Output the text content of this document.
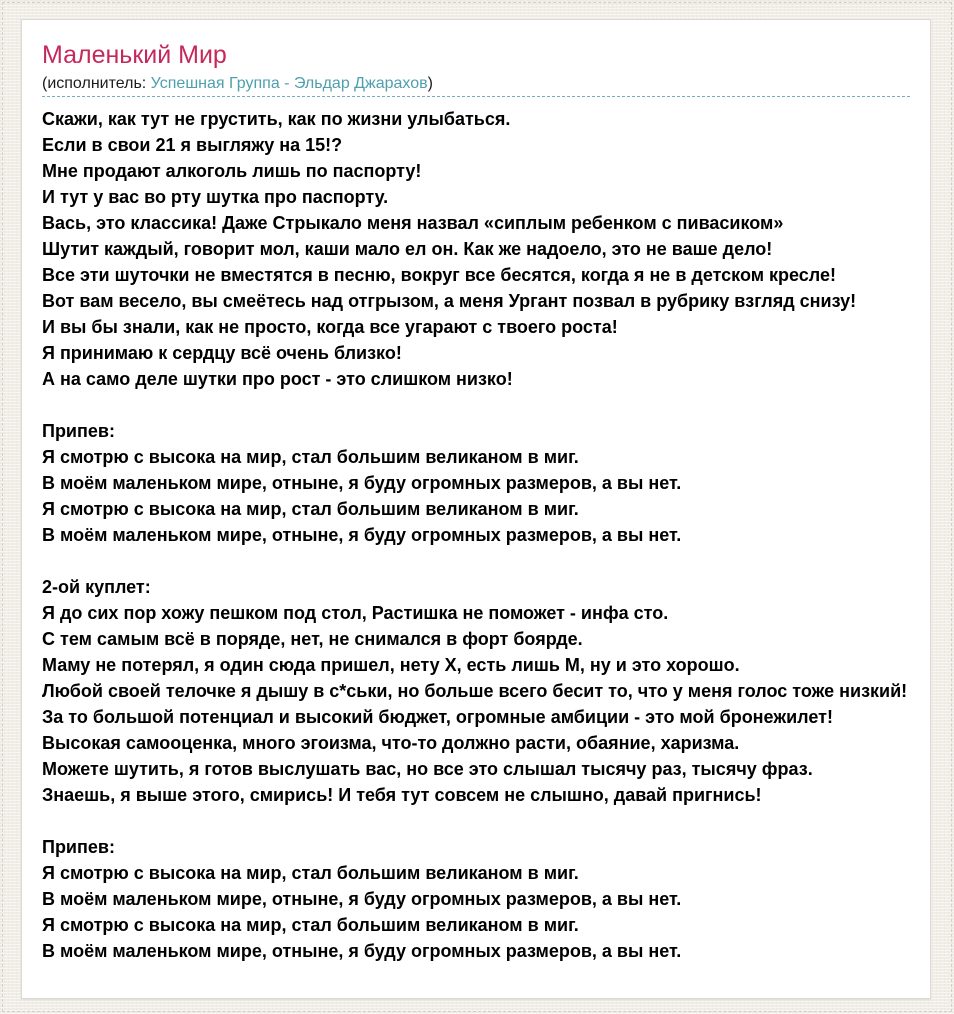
Маленький Мир
(исполнитель: Успешная Группа - Эльдар Джарахов)
Скажи, как тут не грустить, как по жизни улыбаться.
Если в свои 21 я выгляжу на 15!?
Мне продают алкоголь лишь по паспорту!
И тут у вас во рту шутка про паспорту.
Вась, это классика! Даже Стрыкало меня назвал «сиплым ребенком с пивасиком»
Шутит каждый, говорит мол, каши мало ел он. Как же надоело, это не ваше дело!
Все эти шуточки не вместятся в песню, вокруг все бесятся, когда я не в детском кресле!
Вот вам весело, вы смеётесь над отгрызом, а меня Ургант позвал в рубрику взгляд снизу!
И вы бы знали, как не просто, когда все угарают с твоего роста!
Я принимаю к сердцу всё очень близко!
А на само деле шутки про рост - это слишком низко!
Припев:
Я смотрю с высока на мир, стал большим великаном в миг.
В моём маленьком мире, отныне, я буду огромных размеров, а вы нет.
Я смотрю с высока на мир, стал большим великаном в миг.
В моём маленьком мире, отныне, я буду огромных размеров, а вы нет.
2-ой куплет:
Я до сих пор хожу пешком под стол, Растишка не поможет - инфа сто.
С тем самым всё в поряде, нет, не снимался в форт боярде.
Маму не потерял, я один сюда пришел, нету Х, есть лишь М, ну и это хорошо.
Любой своей телочке я дышу в с*ськи, но больше всего бесит то, что у меня голос тоже низкий!
За то большой потенциал и высокий бюджет, огромные амбиции - это мой бронежилет!
Высокая самооценка, много эгоизма, что-то должно расти, обаяние, харизма.
Можете шутить, я готов выслушать вас, но все это слышал тысячу раз, тысячу фраз.
Знаешь, я выше этого, смирись! И тебя тут совсем не слышно, давай пригнись!
Припев:
Я смотрю с высока на мир, стал большим великаном в миг.
В моём маленьком мире, отныне, я буду огромных размеров, а вы нет.
Я смотрю с высока на мир, стал большим великаном в миг.
В моём маленьком мире, отныне, я буду огромных размеров, а вы нет.
